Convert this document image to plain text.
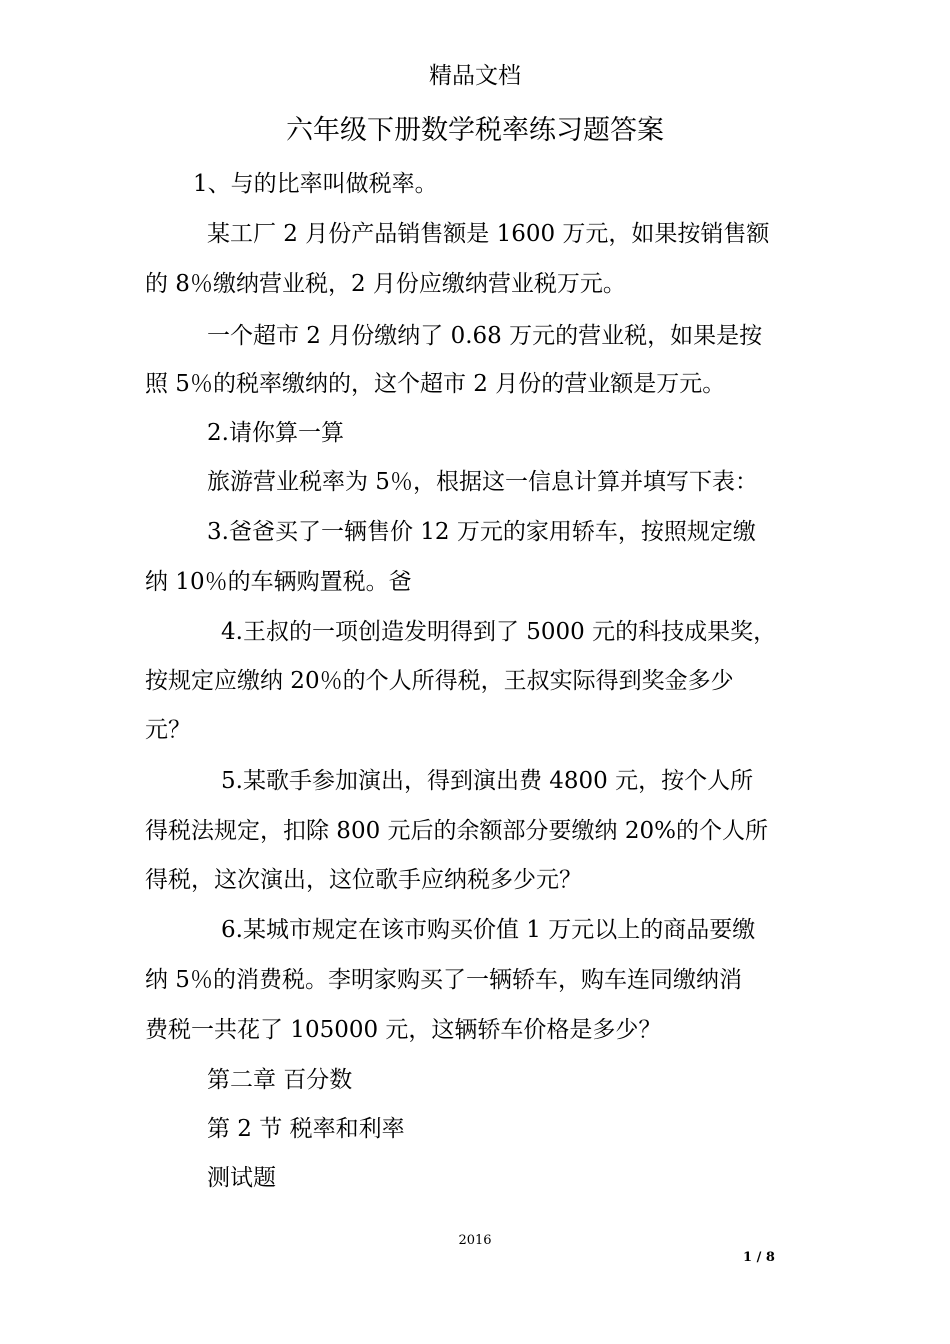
精品文档
六年级下册数学税率练习题答案
1、与的比率叫做税率。
某工厂 2 月份产品销售额是 1600 万元，如果按销售额
的 8％缴纳营业税，2 月份应缴纳营业税万元。
一个超市 2 月份缴纳了 0.68 万元的营业税，如果是按
照 5％的税率缴纳的，这个超市 2 月份的营业额是万元。
2.请你算一算
旅游营业税率为 5％，根据这一信息计算并填写下表：
3.爸爸买了一辆售价 12 万元的家用轿车，按照规定缴
纳 10％的车辆购置税。爸
4.王叔的一项创造发明得到了 5000 元的科技成果奖，
按规定应缴纳 20％的个人所得税，王叔实际得到奖金多少
元？
5.某歌手参加演出，得到演出费 4800 元，按个人所
得税法规定，扣除 800 元后的余额部分要缴纳 20%的个人所
得税，这次演出，这位歌手应纳税多少元？
6.某城市规定在该市购买价值 1 万元以上的商品要缴
纳 5％的消费税。李明家购买了一辆轿车，购车连同缴纳消
费税一共花了 105000 元，这辆轿车价格是多少？
第二章 百分数
第 2 节 税率和利率
测试题
2016
1 / 8
